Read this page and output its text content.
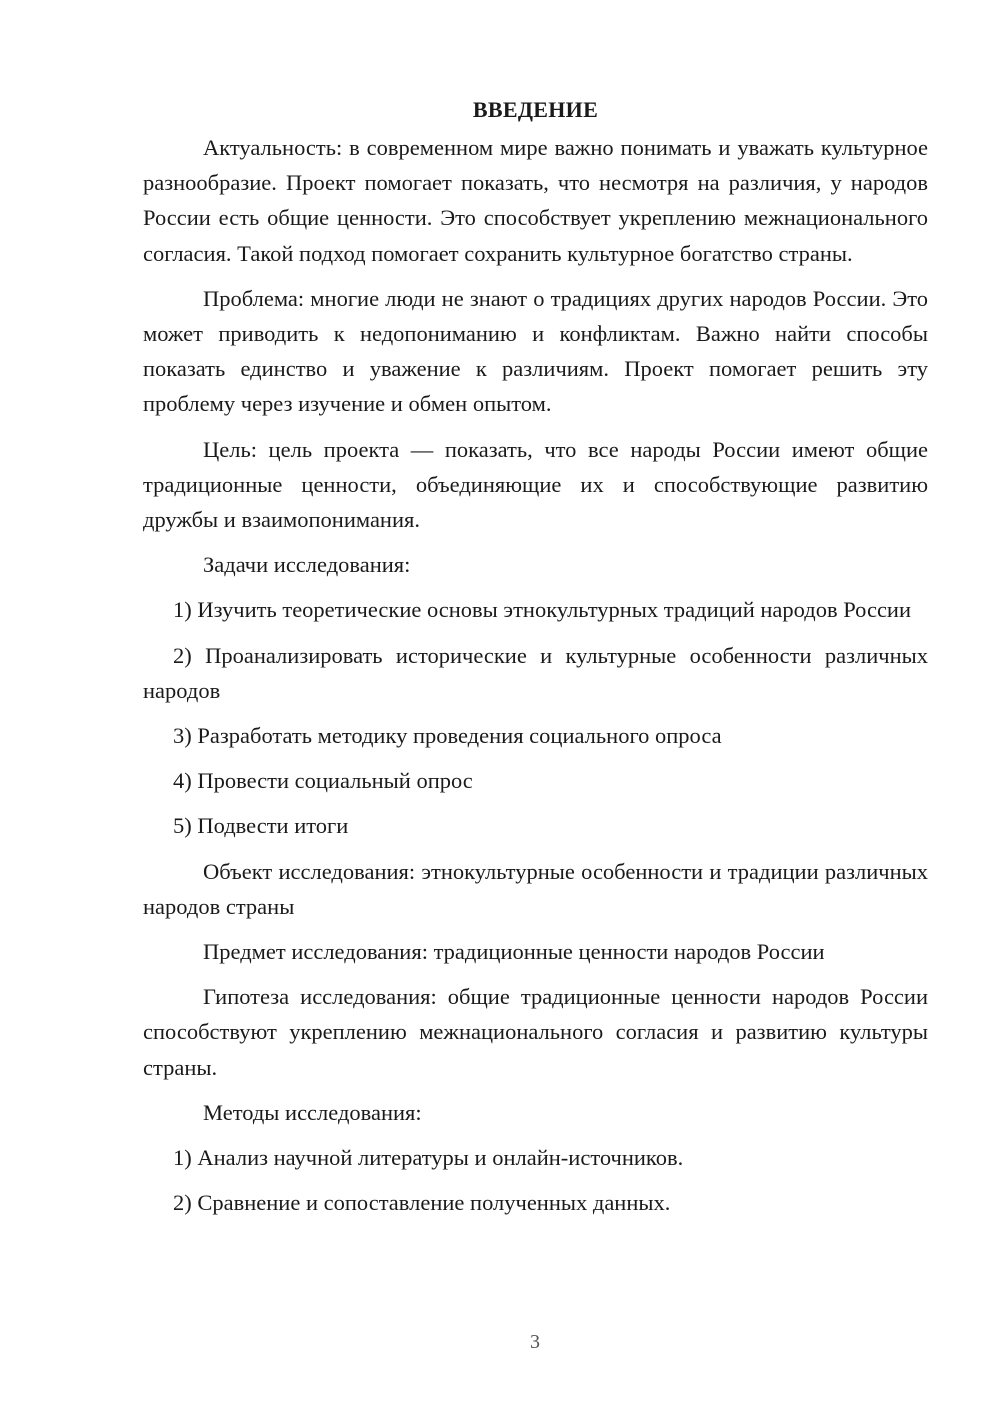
ВВЕДЕНИЕ

Актуальность: в современном мире важно понимать и уважать культурное разнообразие. Проект помогает показать, что несмотря на различия, у народов России есть общие ценности. Это способствует укреплению межнационального согласия. Такой подход помогает сохранить культурное богатство страны.

Проблема: многие люди не знают о традициях других народов России. Это может приводить к недопониманию и конфликтам. Важно найти способы показать единство и уважение к различиям. Проект помогает решить эту проблему через изучение и обмен опытом.

Цель: цель проекта — показать, что все народы России имеют общие традиционные ценности, объединяющие их и способствующие развитию дружбы и взаимопонимания.

Задачи исследования:

1) Изучить теоретические основы этнокультурных традиций народов России

2) Проанализировать исторические и культурные особенности различных народов

3) Разработать методику проведения социального опроса

4) Провести социальный опрос

5) Подвести итоги

Объект исследования: этнокультурные особенности и традиции различных народов страны

Предмет исследования: традиционные ценности народов России

Гипотеза исследования: общие традиционные ценности народов России способствуют укреплению межнационального согласия и развитию культуры страны.

Методы исследования:

1) Анализ научной литературы и онлайн-источников.

2) Сравнение и сопоставление полученных данных.

3
